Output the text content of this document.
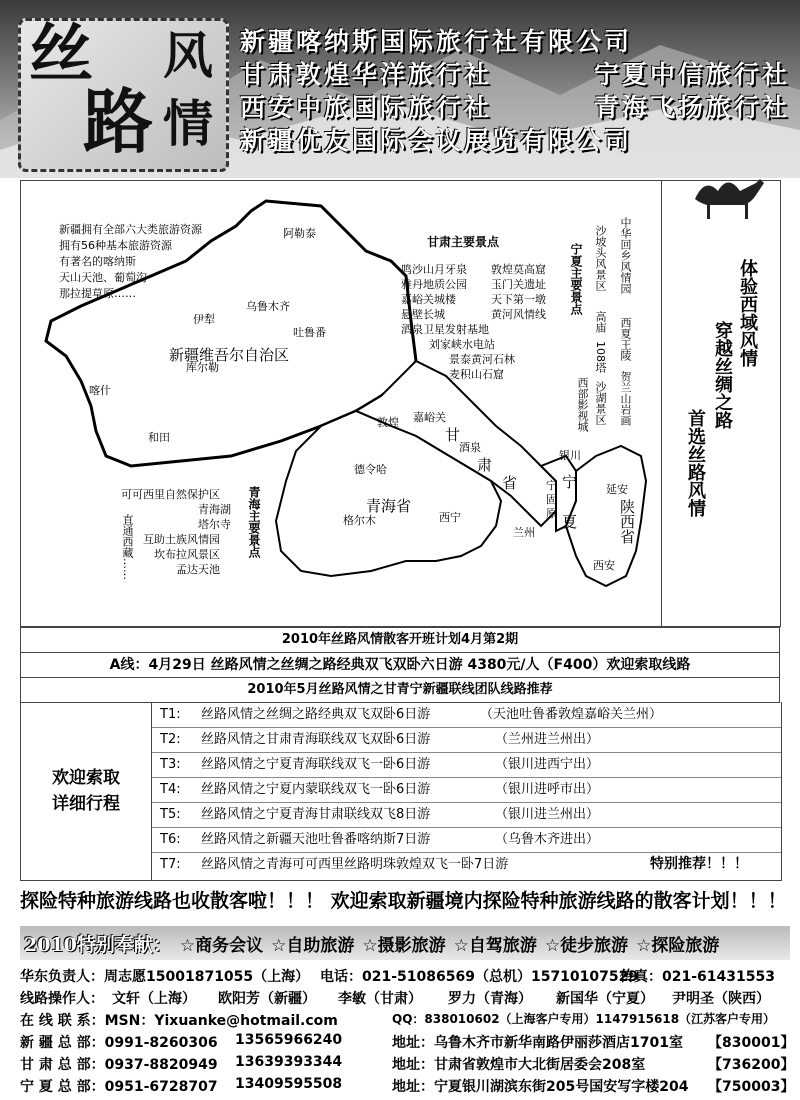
丝
路
风
情
新疆喀纳斯国际旅行社有限公司
甘肃敦煌华洋旅行社	宁夏中信旅行社
西安中旅国际旅行社	青海飞扬旅行社
新疆优友国际会议展览有限公司
新疆拥有全部六大类旅游资源
拥有56种基本旅游资源
有著名的喀纳斯
天山天池、葡萄沟
那拉提草原……
阿勒泰
伊犁
乌鲁木齐
吐鲁番
新疆维吾尔自治区
库尔勒
喀什
和田
敦煌 嘉峪关
酒泉
甘
肃
省
德令哈
青海省
格尔木	西宁
兰州
银川
宁
夏
宁
固
原
延安
陕西省
西安
甘肃主要景点
鸣沙山月牙泉
雅丹地质公园
嘉峪关城楼
悬壁长城
酒泉卫星发射基地
刘家峡水电站
景泰黄河石林
麦积山石窟
敦煌莫高窟
玉门关遗址
天下第一墩
黄河风情线 宁夏主要景点	中华回乡风情园
沙坡头风景区
西夏王陵
高庙
108塔
贺兰山岩画
沙湖景区
西部影视城
可可西里自然保护区
青海湖
塔尔寺
互助土族风情园
坎布拉风景区
孟达天池
青海主要景点
直通西藏……
体验西域风情
穿越丝绸之路
首选丝路风情
2010年丝路风情散客开班计划4月第2期
A线：4月29日 丝路风情之丝绸之路经典双飞双卧六日游 4380元/人（F400）欢迎索取线路
2010年5月丝路风情之甘青宁新疆联线团队线路推荐
欢迎索取
详细行程
T1: 丝路风情之丝绸之路经典双飞双卧6日游	（天池吐鲁番敦煌嘉峪关兰州）
T2: 丝路风情之甘肃青海联线双飞双卧6日游	（兰州进兰州出）
T3: 丝路风情之宁夏青海联线双飞一卧6日游	（银川进西宁出）
T4: 丝路风情之宁夏内蒙联线双飞一卧6日游	（银川进呼市出）
T5: 丝路风情之宁夏青海甘肃联线双飞8日游	（银川进兰州出）
T6: 丝路风情之新疆天池吐鲁番喀纳斯7日游	（乌鲁木齐进出）
T7: 丝路风情之青海可可西里丝路明珠敦煌双飞一卧7日游	特别推荐！！！
探险特种旅游线路也收散客啦！！！ 欢迎索取新疆境内探险特种旅游线路的散客计划！！！
2010特别奉献： ☆商务会议 ☆自助旅游 ☆摄影旅游 ☆自驾旅游 ☆徒步旅游 ☆探险旅游
华东负责人：周志愿15001871055（上海） 电话：021-51086569（总机）15710107529
传真：021-61431553
线路操作人： 文轩（上海） 欧阳芳（新疆） 李敏（甘肃） 罗力（青海） 新国华（宁夏） 尹明圣（陕西）
在 线 联 系：MSN：Yixuanke@hotmail.com	QQ：838010602（上海客户专用）1147915618（江苏客户专用）
新 疆 总 部：0991-8260306 13565966240	地址：乌鲁木齐市新华南路伊丽莎酒店1701室 【830001】
甘 肃 总 部：0937-8820949 13639393344	地址：甘肃省敦煌市大北街居委会208室	【736200】
宁 夏 总 部：0951-6728707 13409595508	地址：宁夏银川湖滨东街205号国安写字楼204 【750003】
